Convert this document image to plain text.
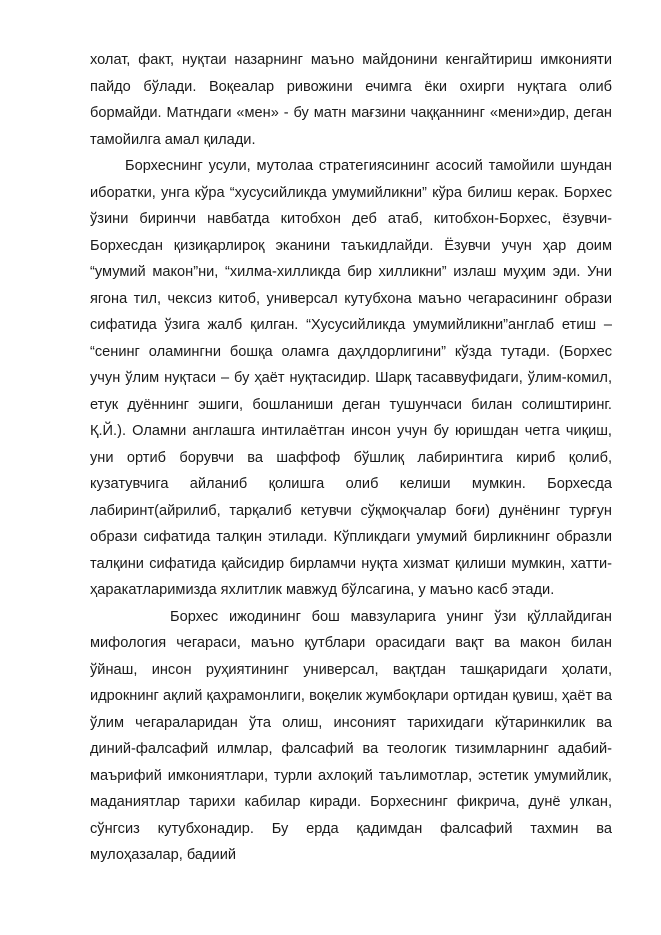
холат, факт, нуқтаи назарнинг маъно майдонини кенгайтириш имконияти пайдо бўлади. Воқеалар ривожини ечимга ёки охирги нуқтага олиб бормайди. Матндаги «мен» - бу матн мағзини чаққаннинг «мени»дир, деган тамойилга амал қилади.

Борхеснинг усули, мутолаа стратегиясининг асосий тамойили шундан иборатки, унга кўра “хусусийликда умумийликни” кўра билиш керак. Борхес ўзини биринчи навбатда китобхон деб атаб, китобхон-Борхес, ёзувчи-Борхесдан қизиқарлироқ эканини таъкидлайди. Ёзувчи учун ҳар доим “умумий макон”ни, “хилма-хилликда бир хилликни” излаш муҳим эди. Уни ягона тил, чексиз китоб, универсал кутубхона маъно чегарасининг образи сифатида ўзига жалб қилган. “Хусусийликда умумийликни”англаб етиш – “сенинг оламингни бошқа оламга даҳлдорлигини” кўзда тутади. (Борхес учун ўлим нуқтаси – бу ҳаёт нуқтасидир. Шарқ тасаввуфидаги, ўлим-комил, етук дуённинг эшиги, бошланиши деган тушунчаси билан солиштиринг. Қ.Й.). Оламни англашга интилаётган инсон учун бу юришдан четга чиқиш, уни ортиб борувчи ва шаффоф бўшлиқ лабиринтига кириб қолиб, кузатувчига айланиб қолишга олиб келиши мумкин. Борхесда лабиринт(айрилиб, тарқалиб кетувчи сўқмоқчалар боғи) дунёнинг турғун образи сифатида талқин этилади. Кўпликдаги умумий бирликнинг образли талқини сифатида қайсидир бирламчи нуқта хизмат қилиши мумкин, хатти-ҳаракатларимизда яхлитлик мавжуд бўлсагина, у маъно касб этади.

Борхес ижодининг бош мавзуларига унинг ўзи қўллайдиган мифология чегараси, маъно қутблари орасидаги вақт ва макон билан ўйнаш, инсон руҳиятининг универсал, вақтдан ташқаридаги ҳолати, идрокнинг ақлий қаҳрамонлиги, воқелик жумбоқлари ортидан қувиш, ҳаёт ва ўлим чегараларидан ўта олиш, инсоният тарихидаги кўтаринкилик ва диний-фалсафий илмлар, фалсафий ва теологик тизимларнинг адабий-маърифий имкониятлари, турли ахлоқий таълимотлар, эстетик умумийлик, маданиятлар тарихи кабилар киради. Борхеснинг фикрича, дунё улкан, сўнгсиз кутубхонадир. Бу ерда қадимдан фалсафий тахмин ва мулоҳазалар, бадиий
